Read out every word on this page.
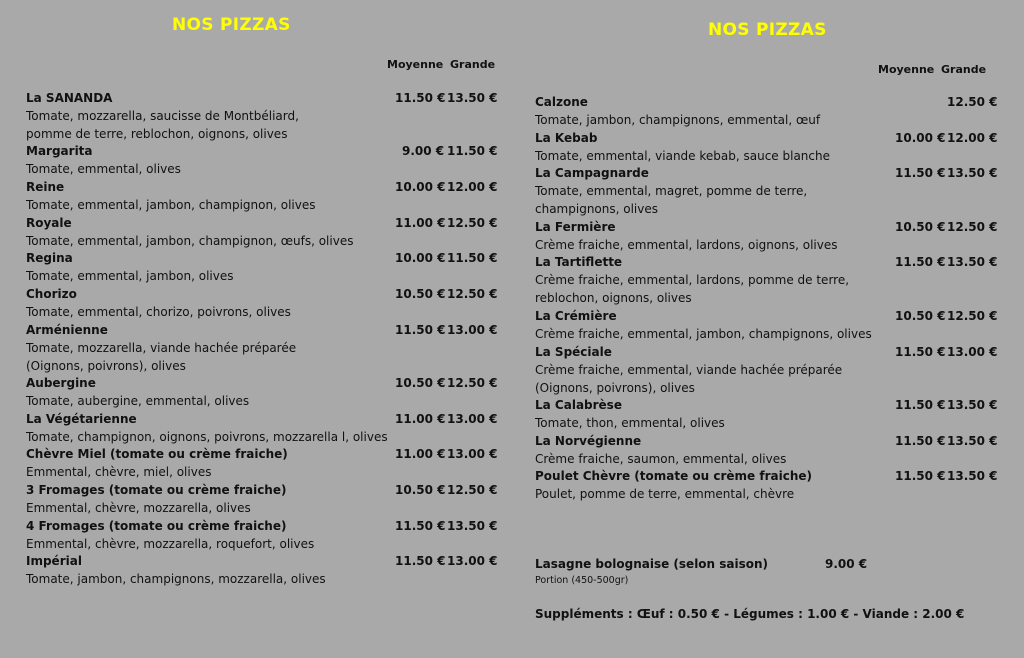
NOS PIZZAS
Moyenne Grande
La SANANDA
Tomate, mozzarella, saucisse de Montbéliard, pomme de terre, reblochon, oignons, olives
11.50 € 13.50 €
Margarita
Tomate, emmental, olives
9.00 € 11.50 €
Reine
Tomate, emmental, jambon, champignon, olives
10.00 € 12.00 €
Royale
Tomate, emmental, jambon, champignon, œufs, olives
11.00 € 12.50 €
Regina
Tomate, emmental, jambon, olives
10.00 € 11.50 €
Chorizo
Tomate, emmental, chorizo, poivrons, olives
10.50 € 12.50 €
Arménienne
Tomate, mozzarella, viande hachée préparée (Oignons, poivrons), olives
11.50 € 13.00 €
Aubergine
Tomate, aubergine, emmental, olives
10.50 € 12.50 €
La Végétarienne
Tomate, champignon, oignons, poivrons, mozzarella l, olives
11.00 € 13.00 €
Chèvre Miel (tomate ou crème fraiche)
Emmental, chèvre, miel, olives
11.00 € 13.00 €
3 Fromages (tomate ou crème fraiche)
Emmental, chèvre, mozzarella, olives
10.50 € 12.50 €
4 Fromages (tomate ou crème fraiche)
Emmental, chèvre, mozzarella, roquefort, olives
11.50 € 13.50 €
Impérial
Tomate, jambon, champignons, mozzarella, olives
11.50 € 13.00 €
NOS PIZZAS
Moyenne Grande
Calzone
Tomate, jambon, champignons, emmental, œuf
12.50 €
La Kebab
Tomate, emmental, viande kebab, sauce blanche
10.00 € 12.00 €
La Campagnarde
Tomate, emmental, magret, pomme de terre, champignons, olives
11.50 € 13.50 €
La Fermière
Crème fraiche, emmental, lardons, oignons, olives
10.50 € 12.50 €
La Tartiflette
Crème fraiche, emmental, lardons, pomme de terre, reblochon, oignons, olives
11.50 € 13.50 €
La Crémière
Crème fraiche, emmental, jambon, champignons, olives
10.50 € 12.50 €
La Spéciale
Crème fraiche, emmental, viande hachée préparée (Oignons, poivrons), olives
11.50 € 13.00 €
La Calabrèse
Tomate, thon, emmental, olives
11.50 € 13.50 €
La Norvégienne
Crème fraiche, saumon, emmental, olives
11.50 € 13.50 €
Poulet Chèvre (tomate ou crème fraiche)
Poulet, pomme de terre, emmental, chèvre
11.50 € 13.50 €
Lasagne bolognaise (selon saison)	9.00 €
Portion (450-500gr)
Suppléments : Œuf : 0.50 € - Légumes : 1.00 € - Viande : 2.00 €
